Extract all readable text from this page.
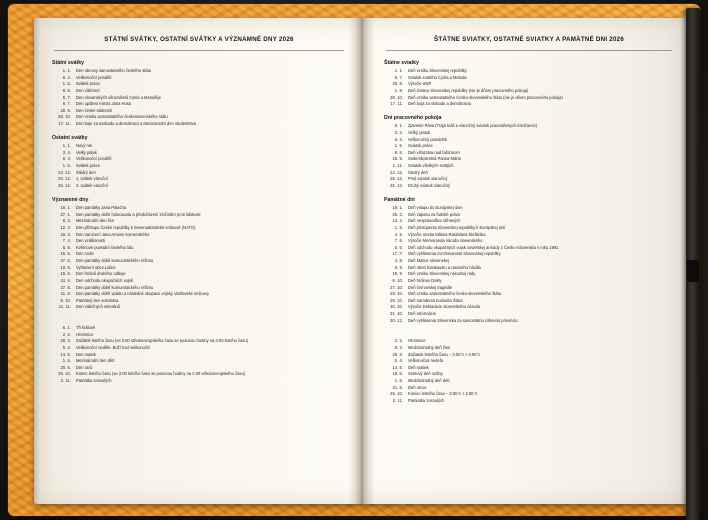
STÁTNÍ SVÁTKY, OSTATNÍ SVÁTKY A VÝZNAMNÉ DNY 2026
Státní svátky
1. 1.	Den obnovy samostatného českého státu
6. 4.	Velikonoční pondělí
1. 5.	Svátek práce
8. 5.	Den vítězství
5. 7.	Den slovanských věrozvěstů Cyrila a Metoděje
6. 7.	Den upálení mistra Jana Husa
28. 9.	Den české státnosti
28. 10.	Den vzniku samostatného československého státu
17. 11.	Den boje za svobodu a demokracii a Mezinárodní den studentstva
Ostatní svátky
1. 1.	Nový rok
3. 4.	Velký pátek
6. 4.	Velikonoční pondělí
1. 5.	Svátek práce
24. 12.	Štědrý den
25. 12.	1. svátek vánoční
26. 12.	2. svátek vánoční
Významné dny
16. 1.	Den památky Jana Palacha
27. 1.	Den památky obětí holocaustu a předcházení zločinům proti lidskosti
8. 3.	Mezinárodní den žen
12. 3.	Den přístupu České republiky k Severoatlantické smlouvě (NATO)
28. 3.	Den narození Jana Amose Komenského
7. 4.	Den vzdělanosti
5. 5.	Květnové povstání českého lidu
15. 5.	Den rodin
27. 6.	Den památky obětí komunistického režimu
10. 6.	Vyhlazení obce Lidice
18. 6.	Den hrdinů druhého odboje
24. 6.	Den odchodu okupačních vojsk
27. 6.	Den památky obětí komunistického režimu
11. 8.	Den památky obětí vpádu a následné okupace vojsky Varšavské smlouvy
8. 10.	Památný den sokolstva
11. 11.	Den válečných veteránů
6. 1.	Tři králové
2. 2.	Hromnice
29. 3.	Začátek letního času (ve 2.00 středoevropského času se posunou hodiny na 3.00 letního času)
5. 4.	Velikonoční neděle, Boží hod velikonoční
14. 5.	Den matek
1. 6.	Mezinárodní den dětí
20. 6.	Den otců
25. 10.	Konec letního času (ve 3.00 letního času se posunou hodiny na 2.00 středoevropského času)
2. 11.	Památka zesnulých
ŠTÁTNE SVIATKY, OSTATNÉ SVIATKY A PAMÄTNÉ DNI 2026
Štátne sviatky
1. 1.	Deň vzniku Slovenskej republiky
5. 7.	Sviatok svätého Cyrila a Metoda
29. 8.	Výročie SNP
1. 9.	Deň Ústavy Slovenskej republiky (nie je dňom pracovného pokoja)
28. 10.	Deň vzniku samostatného Česko-slovenského štátu (nie je dňom pracovného pokoja)
17. 11.	Deň boja za slobodu a demokraciu
Dni pracovného pokoja
6. 1.	Zjavenie Pána (Traja králi a vianočný sviatok pravoslávnych kresťanov)
3. 4.	Veľký piatok
6. 4.	Veľkonočný pondelok
1. 5.	Sviatok práce
8. 5.	Deň víťazstva nad fašizmom
15. 9.	Sedembolestná Panna Mária
1. 11.	Sviatok všetkých svätých
24. 12.	Štedrý deň
25. 12.	Prvý sviatok vianočný
26. 12.	Druhý sviatok vianočný
Pamätné dni
19. 1.	Deň vstupu do Európskej únie
25. 3.	Deň zápasu za ľudské práva
13. 4.	Deň nespravodlivo stíhaných
1. 5.	Deň pristúpenia Slovenskej republiky k Európskej únii
4. 5.	Výročie úmrtia Milana Rastislava Štefánika
7. 6.	Výročie Memoranda národa slovenského
5. 6.	Deň odchodu okupačných vojsk sovietskej armády z Česko-Slovenska v roku 1991
17. 7.	Deň vyhlásenia zvrchovanosti Slovenskej republiky
4. 8.	Deň Matice slovenskej
9. 9.	Deň obetí holokaustu a rasového násilia
19. 9.	Deň vzniku Slovenskej národnej rady
6. 10.	Deň hrdinov Dukly
27. 10.	Deň černovskej tragédie
28. 10.	Deň vzniku samostatného česko-slovenského štátu
29. 10.	Deň narodenia Ľudovíta Štúra
30. 10.	Výročie Deklarácie slovenského národa
31. 10.	Deň reformácie
30. 12.	Deň vyhlásenia Slovenska za samostatnú cirkevnú provinciu
2. 2.	Hromnice
8. 3.	Medzinárodný deň žien
29. 3.	Začiatok letného času – 2.00 h > 3.00 h
5. 4.	Veľkonočná nedeľa
14. 5.	Deň matiek
18. 6.	Svetový deň rodiny
1. 6.	Medzinárodný deň detí
21. 6.	Deň otcov
25. 10.	Koniec letného času – 3.00 h > 2.00 h
2. 11.	Pamiatka zosnulých
